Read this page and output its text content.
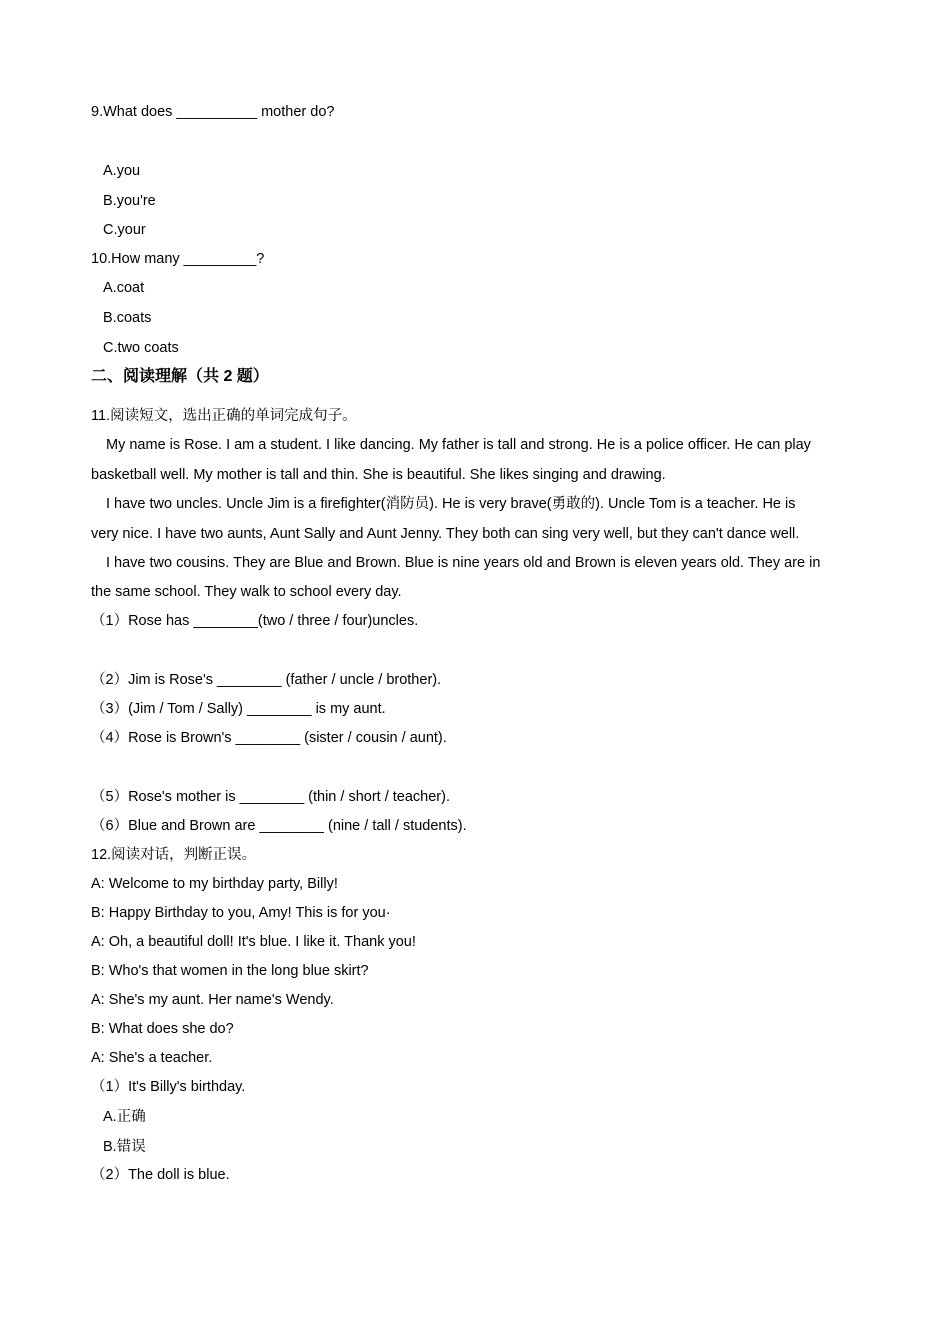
9.What does __________ mother do?
A.you
B.you're
C.your
10.How many _________?
A.coat
B.coats
C.two coats
二、阅读理解（共 2 题）
11.阅读短文，选出正确的单词完成句子。
My name is Rose. I am a student. I like dancing. My father is tall and strong. He is a police officer. He can play
basketball well. My mother is tall and thin. She is beautiful. She likes singing and drawing.
I have two uncles. Uncle Jim is a firefighter(消防员). He is very brave(勇敢的). Uncle Tom is a teacher. He is
very nice. I have two aunts, Aunt Sally and Aunt Jenny. They both can sing very well, but they can't dance well.
I have two cousins. They are Blue and Brown. Blue is nine years old and Brown is eleven years old. They are in
the same school. They walk to school every day.
（1）Rose has ________(two / three / four)uncles.
（2）Jim is Rose's ________ (father / uncle / brother).
（3）(Jim / Tom / Sally) ________ is my aunt.
（4）Rose is Brown's ________ (sister / cousin / aunt).
（5）Rose's mother is ________ (thin / short / teacher).
（6）Blue and Brown are ________ (nine / tall / students).
12.阅读对话，判断正误。
A: Welcome to my birthday party, Billy!
B: Happy Birthday to you, Amy! This is for you·
A: Oh, a beautiful doll! It's blue. I like it. Thank you!
B: Who's that women in the long blue skirt?
A: She's my aunt. Her name's Wendy.
B: What does she do?
A: She's a teacher.
（1）It's Billy's birthday.
A.正确
B.错误
（2）The doll is blue.
